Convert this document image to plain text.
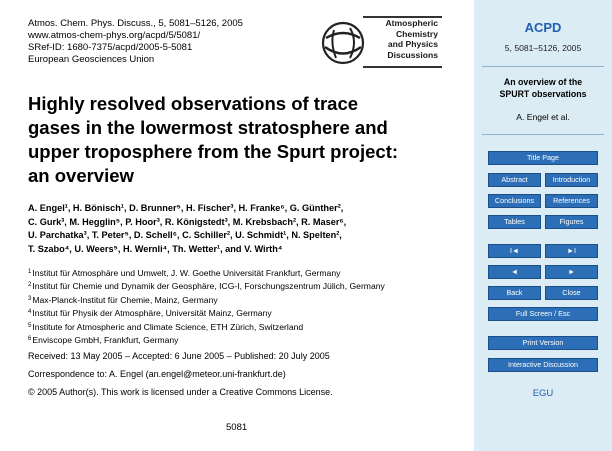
Atmos. Chem. Phys. Discuss., 5, 5081–5126, 2005
www.atmos-chem-phys.org/acpd/5/5081/
SRef-ID: 1680-7375/acpd/2005-5-5081
European Geosciences Union
Atmospheric
Chemistry
and Physics
Discussions
Highly resolved observations of trace
gases in the lowermost stratosphere and
upper troposphere from the Spurt project:
an overview
A. Engel¹, H. Bönisch¹, D. Brunner⁵, H. Fischer³, H. Franke⁶, G. Günther²,
C. Gurk³, M. Hegglin⁵, P. Hoor³, R. Königstedt³, M. Krebsbach², R. Maser⁶,
U. Parchatka³, T. Peter⁵, D. Schell⁶, C. Schiller², U. Schmidt¹, N. Spelten²,
T. Szabo⁴, U. Weers⁵, H. Wernli⁴, Th. Wetter¹, and V. Wirth⁴
$^1$Institut für Atmosphäre und Umwelt, J. W. Goethe Universität Frankfurt, Germany
$^2$Institut für Chemie und Dynamik der Geosphäre, ICG-I, Forschungszentrum Jülich, Germany
$^3$Max-Planck-Institut für Chemie, Mainz, Germany
$^4$Institut für Physik der Atmosphäre, Universität Mainz, Germany
$^5$Institute for Atmospheric and Climate Science, ETH Zürich, Switzerland
$^6$Enviscope GmbH, Frankfurt, Germany
Received: 13 May 2005 – Accepted: 6 June 2005 – Published: 20 July 2005
Correspondence to: A. Engel (an.engel@meteor.uni-frankfurt.de)
© 2005 Author(s). This work is licensed under a Creative Commons License.
5081
ACPD
5, 5081–5126, 2005
An overview of the
SPURT observations
A. Engel et al.
Title Page
Abstract	Introduction
Conclusions	References
Tables	Figures
I◄	►I
◄	►
Back	Close
Full Screen / Esc
Print Version
Interactive Discussion
EGU
